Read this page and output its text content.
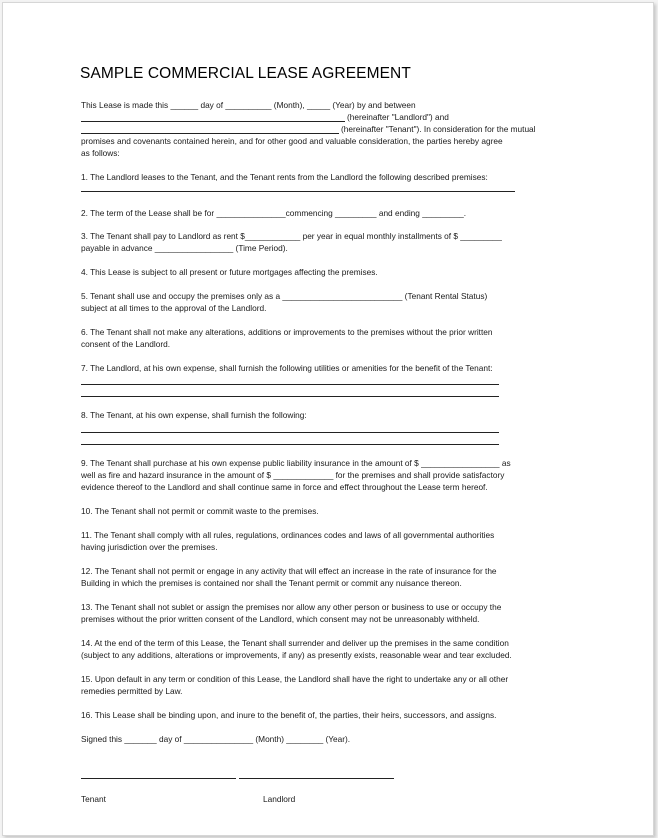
SAMPLE COMMERCIAL LEASE AGREEMENT
This Lease is made this ______ day of __________ (Month), _____ (Year) by and between
(hereinafter "Landlord") and
(hereinafter "Tenant"). In consideration for the mutual
promises and covenants contained herein, and for other good and valuable consideration, the parties hereby agree
as follows:
1. The Landlord leases to the Tenant, and the Tenant rents from the Landlord the following described premises:
2. The term of the Lease shall be for _______________commencing _________ and ending _________.
3. The Tenant shall pay to Landlord as rent $____________ per year in equal monthly installments of $ _________
payable in advance _________________ (Time Period).
4. This Lease is subject to all present or future mortgages affecting the premises.
5. Tenant shall use and occupy the premises only as a __________________________ (Tenant Rental Status)
subject at all times to the approval of the Landlord.
6. The Tenant shall not make any alterations, additions or improvements to the premises without the prior written
consent of the Landlord.
7. The Landlord, at his own expense, shall furnish the following utilities or amenities for the benefit of the Tenant:
8. The Tenant, at his own expense, shall furnish the following:
9. The Tenant shall purchase at his own expense public liability insurance in the amount of $ _________________ as
well as fire and hazard insurance in the amount of $ _____________ for the premises and shall provide satisfactory
evidence thereof to the Landlord and shall continue same in force and effect throughout the Lease term hereof.
10. The Tenant shall not permit or commit waste to the premises.
11. The Tenant shall comply with all rules, regulations, ordinances codes and laws of all governmental authorities
having jurisdiction over the premises.
12. The Tenant shall not permit or engage in any activity that will effect an increase in the rate of insurance for the
Building in which the premises is contained nor shall the Tenant permit or commit any nuisance thereon.
13. The Tenant shall not sublet or assign the premises nor allow any other person or business to use or occupy the
premises without the prior written consent of the Landlord, which consent may not be unreasonably withheld.
14. At the end of the term of this Lease, the Tenant shall surrender and deliver up the premises in the same condition
(subject to any additions, alterations or improvements, if any) as presently exists, reasonable wear and tear excluded.
15. Upon default in any term or condition of this Lease, the Landlord shall have the right to undertake any or all other
remedies permitted by Law.
16. This Lease shall be binding upon, and inure to the benefit of, the parties, their heirs, successors, and assigns.
Signed this _______ day of _______________ (Month) ________ (Year).
Tenant	Landlord
